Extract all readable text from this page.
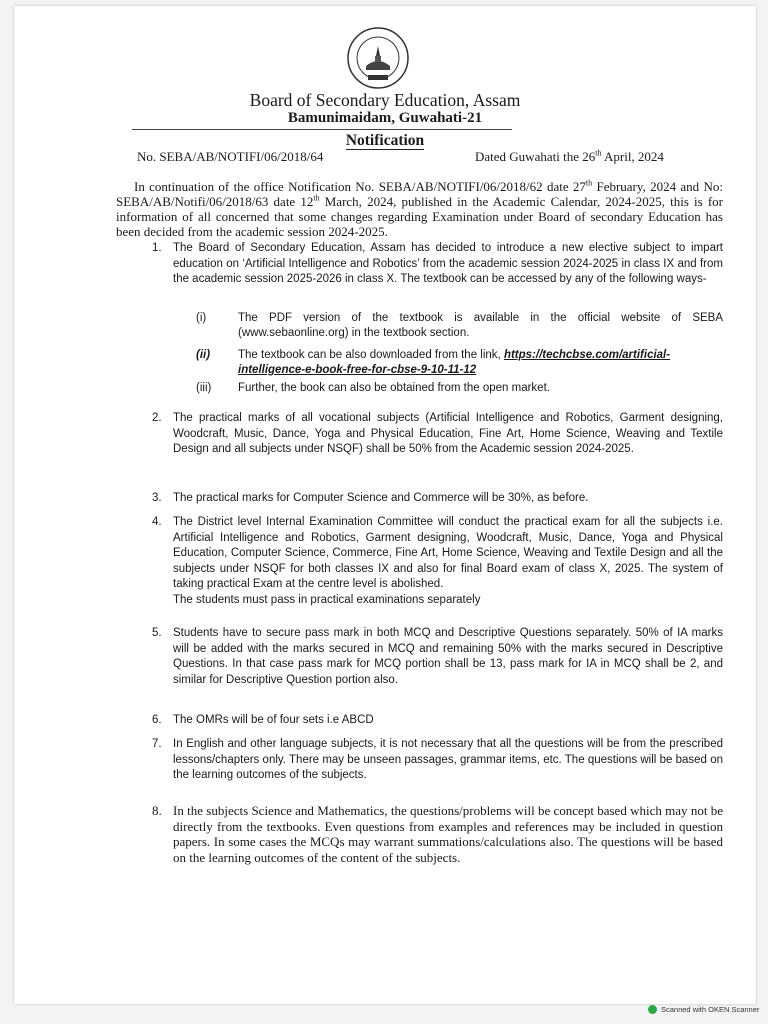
Board of Secondary Education, Assam
Bamunimaidam, Guwahati-21
Notification
No. SEBA/AB/NOTIFI/06/2018/64	Dated Guwahati the 26th April, 2024
In continuation of the office Notification No. SEBA/AB/NOTIFI/06/2018/62 date 27th February, 2024 and No: SEBA/AB/Notifi/06/2018/63 date 12th March, 2024, published in the Academic Calendar, 2024-2025, this is for information of all concerned that some changes regarding Examination under Board of secondary Education has been decided from the academic session 2024-2025.
1. The Board of Secondary Education, Assam has decided to introduce a new elective subject to impart education on ‘Artificial Intelligence and Robotics’ from the academic session 2024-2025 in class IX and from the academic session 2025-2026 in class X. The textbook can be accessed by any of the following ways-
(i)	The PDF version of the textbook is available in the official website of SEBA (www.sebaonline.org) in the textbook section.
(ii) The textbook can be also downloaded from the link, https://techcbse.com/artificial-intelligence-e-book-free-for-cbse-9-10-11-12
(iii) Further, the book can also be obtained from the open market.
2. The practical marks of all vocational subjects (Artificial Intelligence and Robotics, Garment designing, Woodcraft, Music, Dance, Yoga and Physical Education, Fine Art, Home Science, Weaving and Textile Design and all subjects under NSQF) shall be 50% from the Academic session 2024-2025.
3. The practical marks for Computer Science and Commerce will be 30%, as before.
4. The District level Internal Examination Committee will conduct the practical exam for all the subjects i.e. Artificial Intelligence and Robotics, Garment designing, Woodcraft, Music, Dance, Yoga and Physical Education, Computer Science, Commerce, Fine Art, Home Science, Weaving and Textile Design and all the subjects under NSQF for both classes IX and also for final Board exam of class X, 2025. The system of taking practical Exam at the centre level is abolished.
The students must pass in practical examinations separately
5. Students have to secure pass mark in both MCQ and Descriptive Questions separately. 50% of IA marks will be added with the marks secured in MCQ and remaining 50% with the marks secured in Descriptive Questions. In that case pass mark for MCQ portion shall be 13, pass mark for IA in MCQ shall be 2, and similar for Descriptive Question portion also.
6. The OMRs will be of four sets i.e ABCD
7. In English and other language subjects, it is not necessary that all the questions will be from the prescribed lessons/chapters only. There may be unseen passages, grammar items, etc. The questions will be based on the learning outcomes of the subjects.
8. In the subjects Science and Mathematics, the questions/problems will be concept based which may not be directly from the textbooks. Even questions from examples and references may be included in question papers. In some cases the MCQs may warrant summations/calculations also. The questions will be based on the learning outcomes of the content of the subjects.
Scanned with OKEN Scanner
